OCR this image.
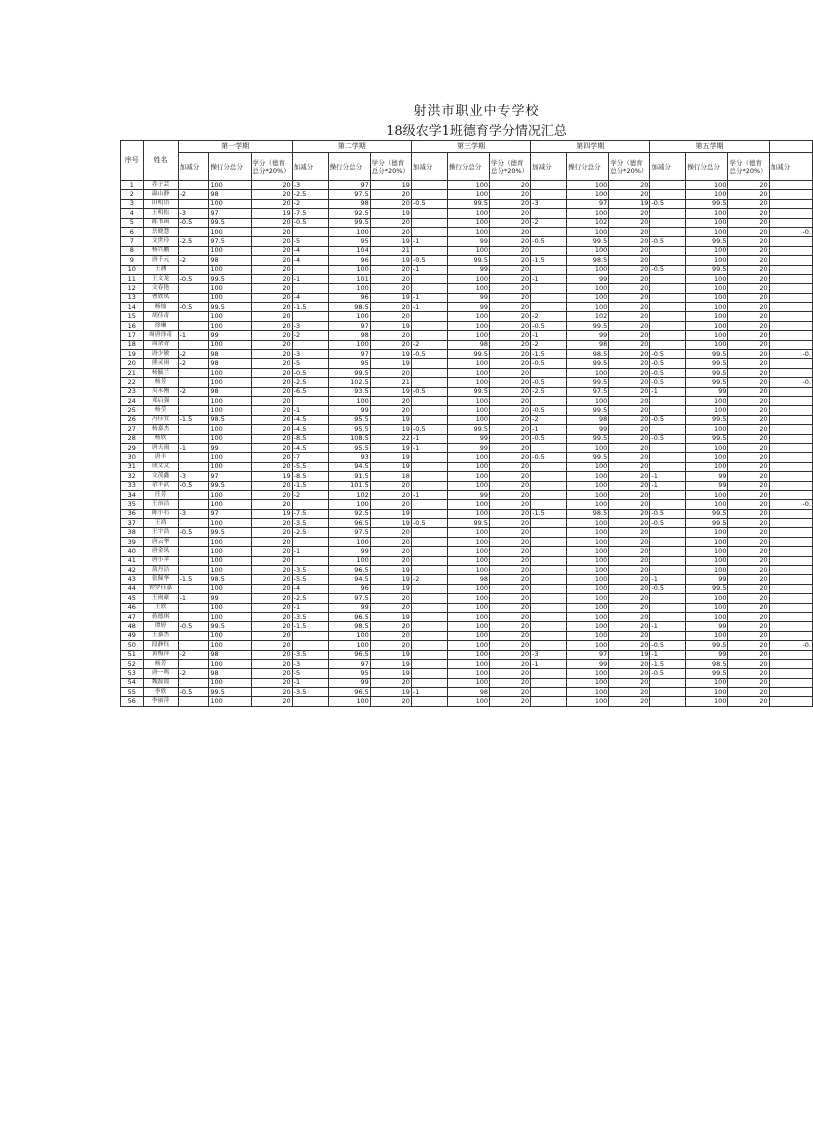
射洪市职业中专学校
18级农学1班德育学分情况汇总
序号	姓名	第一学期			第二学期			第三学期			第四学期			第五学期			
		加减分	操行分总分	学分（德育总分*20%）	加减分	操行分总分	学分（德育总分*20%）	加减分	操行分总分	学分（德育总分*20%）	加减分	操行分总分	学分（德育总分*20%）	加减分	操行分总分	学分（德育总分*20%）	加减分
1	乔子芸		100	20	-3	97	19		100	20		100	20		100	20	
2	温山静	-2	98	20	-2.5	97.5	20		100	20		100	20		100	20	
3	田明语		100	20	-2	98	20	-0.5	99.5	20	-3	97	19	-0.5	99.5	20	
4	王明松	-3	97	19	-7.5	92.5	19		100	20		100	20		100	20	
5	陈书函	-0.5	99.5	20	-0.5	99.5	20		100	20	-2	102	20		100	20	
6	岳晓慧		100	20		100	20		100	20		100	20		100	20	-0.
7	文世玲	-2.5	97.5	20	-5	95	19	-1	99	20	-0.5	99.5	20	-0.5	99.5	20	
8	杨兴鹏		100	20	-4	104	21		100	20		100	20		100	20	
9	唐千元	-2	98	20	-4	96	19	-0.5	99.5	20	-1.5	98.5	20		100	20	
10	王涵		100	20		100	20	-1	99	20		100	20	-0.5	99.5	20	
11	王文龙	-0.5	99.5	20	-1	101	20		100	20	-1	99	20		100	20	
12	文春艳		100	20		100	20		100	20		100	20		100	20	
13	曹欣凤		100	20	-4	96	19	-1	99	20		100	20		100	20	
14	杨灿	-0.5	99.5	20	-1.5	98.5	20	-1	99	20		100	20		100	20	
15	胡佳奇		100	20		100	20		100	20	-2	102	20		100	20	
16	徐琳		100	20	-3	97	19		100	20	-0.5	99.5	20		100	20	
17	周唐泽奇	-1	99	20	-2	98	20		100	20	-1	99	20		100	20	
18	周余青		100	20		100	20	-2	98	20	-2	98	20		100	20	
19	唐少敏	-2	98	20	-3	97	19	-0.5	99.5	20	-1.5	98.5	20	-0.5	99.5	20	-0.
20	熊灵雨	-2	98	20	-5	95	19		100	20	-0.5	99.5	20	-0.5	99.5	20	
21	杨毓兰		100	20	-0.5	99.5	20		100	20		100	20	-0.5	99.5	20	
22	杨芳		100	20	-2.5	102.5	21		100	20	-0.5	99.5	20	-0.5	99.5	20	-0.
23	吴永刚	-2	98	20	-6.5	93.5	19	-0.5	99.5	20	-2.5	97.5	20	-1	99	20	
24	邓启强		100	20		100	20		100	20		100	20		100	20	
25	杨莹		100	20	-1	99	20		100	20	-0.5	99.5	20		100	20	
26	冯佳宜	-1.5	98.5	20	-4.5	95.5	19		100	20	-2	98	20	-0.5	99.5	20	
27	杨嘉杰		100	20	-4.5	95.5	19	-0.5	99.5	20	-1	99	20		100	20	
28	杨欣		100	20	-8.5	108.5	22	-1	99	20	-0.5	99.5	20	-0.5	99.5	20	
29	唐天雨	-1	99	20	-4.5	95.5	19	-1	99	20		100	20		100	20	
30	唐丰		100	20	-7	93	19		100	20	-0.5	99.5	20		100	20	
31	成文文		100	20	-5.5	94.5	19		100	20		100	20		100	20	
32	文茂鑫	-3	97	19	-8.5	91.5	18		100	20		100	20	-1	99	20	
33	余丰武	-0.5	99.5	20	-1.5	101.5	20		100	20		100	20	-1	99	20	
34	任芳		100	20	-2	102	20	-1	99	20		100	20		100	20	
35	王治洁		100	20		100	20		100	20		100	20		100	20	-0.
36	陈小右	-3	97	19	-7.5	92.5	19		100	20	-1.5	98.5	20	-0.5	99.5	20	
37	王鸿		100	20	-3.5	96.5	19	-0.5	99.5	20		100	20	-0.5	99.5	20	
38	王宇浩	-0.5	99.5	20	-2.5	97.5	20		100	20		100	20		100	20	
39	唐云华		100	20		100	20		100	20		100	20		100	20	
40	唐金凤		100	20	-1	99	20		100	20		100	20		100	20	
41	唐小苹		100	20		100	20		100	20		100	20		100	20	
42	敖丹洁		100	20	-3.5	96.5	19		100	20		100	20		100	20	
43	张佩华	-1.5	98.5	20	-5.5	94.5	19	-2	98	20		100	20	-1	99	20	
44	钟罗佳嘉		100	20	-4	96	19		100	20		100	20	-0.5	99.5	20	
45	王雨豪	-1	99	20	-2.5	97.5	20		100	20		100	20		100	20	
46	王欣		100	20	-1	99	20		100	20		100	20		100	20	
47	蒋德琪		100	20	-3.5	96.5	19		100	20		100	20		100	20	
48	谭婷	-0.5	99.5	20	-1.5	98.5	20		100	20		100	20	-1	99	20	
49	王嘉杰		100	20		100	20		100	20		100	20		100	20	
50	段静钰		100	20		100	20		100	20		100	20	-0.5	99.5	20	-0.
51	黄梅萍	-2	98	20	-3.5	96.5	19		100	20	-3	97	19	-1	99	20	
52	杨芳		100	20	-3	97	19		100	20	-1	99	20	-1.5	98.5	20	
53	唐一鸣	-2	98	20	-5	95	19		100	20		100	20	-0.5	99.5	20	
54	魏磊霞		100	20	-1	99	20		100	20		100	20		100	20	
55	李欣	-0.5	99.5	20	-3.5	96.5	19	-1	98	20		100	20		100	20	
56	李丽萍		100	20		100	20		100	20		100	20		100	20	
